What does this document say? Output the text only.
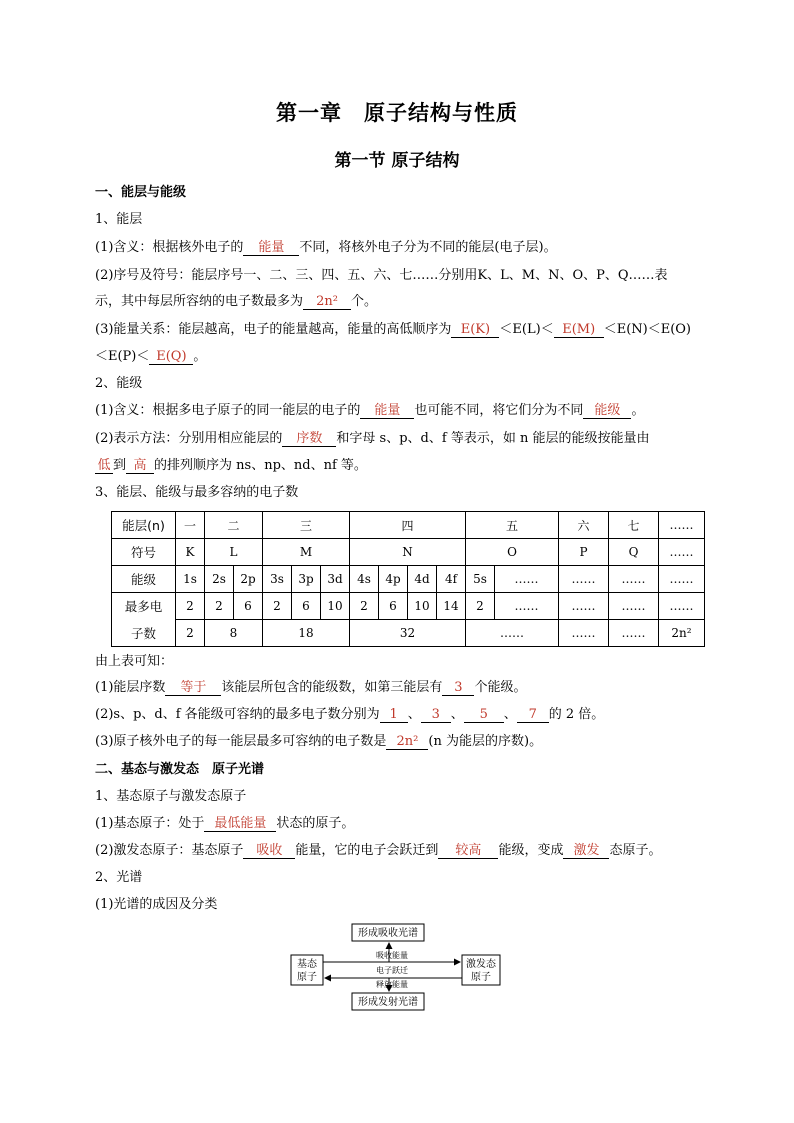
第一章　原子结构与性质
第一节 原子结构
一、能层与能级
1、能层
(1)含义：根据核外电子的 能量 不同，将核外电子分为不同的能层(电子层)。
(2)序号及符号：能层序号一、二、三、四、五、六、七……分别用K、L、M、N、O、P、Q……表
示，其中每层所容纳的电子数最多为 2n² 个。
(3)能量关系：能层越高，电子的能量越高，能量的高低顺序为 E(K) ＜E(L)＜ E(M) ＜E(N)＜E(O)
＜E(P)＜ E(Q) 。
2、能级
(1)含义：根据多电子原子的同一能层的电子的 能量 也可能不同，将它们分为不同 能级 。
(2)表示方法：分别用相应能层的 序数 和字母 s、p、d、f 等表示，如 n 能层的能级按能量由
低 到 高 的排列顺序为 ns、np、nd、nf 等。
3、能层、能级与最多容纳的电子数
能层(n)	一	二		三			四				五		六	七	……
符号	K	L		M			N				O		P	Q	……
能级	1s	2s	2p	3s	3p	3d	4s	4p	4d	4f	5s	……	……	……	……
最多电	2	2	6	2	6	10	2	6	10	14	2	……	……	……	……
子数	2	8		18			32				……		……	……	2n²
由上表可知：
(1)能层序数 等于 该能层所包含的能级数，如第三能层有 3 个能级。
(2)s、p、d、f 各能级可容纳的最多电子数分别为 1 、 3 、 5 、 7 的 2 倍。
(3)原子核外电子的每一能层最多可容纳的电子数是 2n² (n 为能层的序数)。
二、基态与激发态　原子光谱
1、基态原子与激发态原子
(1)基态原子：处于 最低能量 状态的原子。
(2)激发态原子：基态原子 吸收 能量，它的电子会跃迁到 较高 能级，变成 激发 态原子。
2、光谱
(1)光谱的成因及分类
形成吸收光谱
形成发射光谱
基态
原子
激发态
原子
吸收能量
电子跃迁
释放能量
